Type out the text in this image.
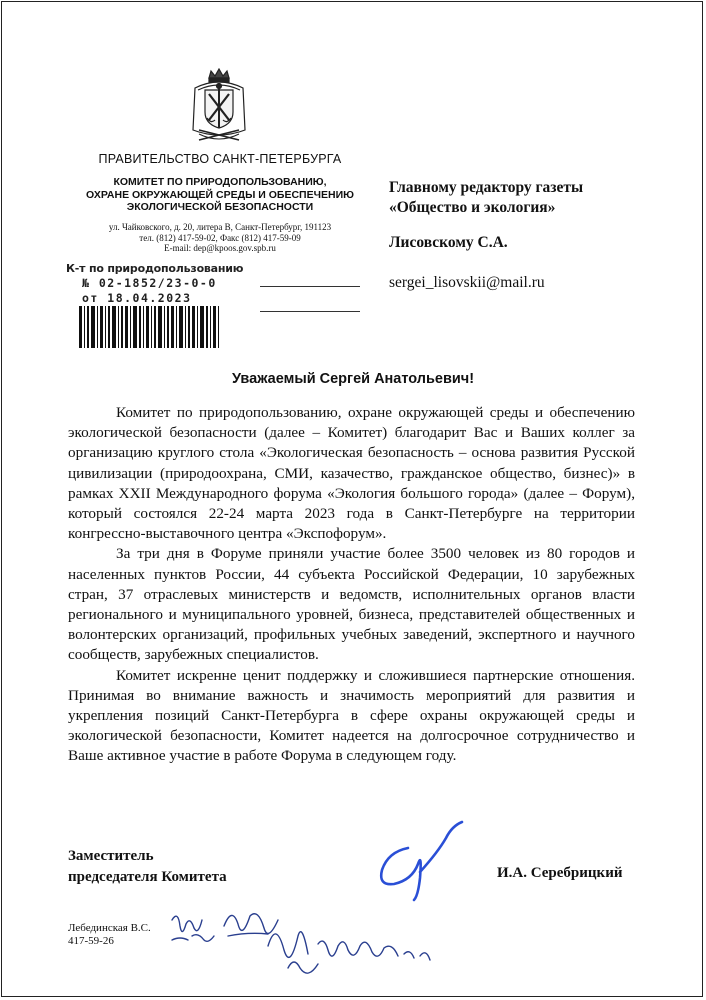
ПРАВИТЕЛЬСТВО САНКТ-ПЕТЕРБУРГА
КОМИТЕТ ПО ПРИРОДОПОЛЬЗОВАНИЮ,
ОХРАНЕ ОКРУЖАЮЩЕЙ СРЕДЫ И ОБЕСПЕЧЕНИЮ
ЭКОЛОГИЧЕСКОЙ БЕЗОПАСНОСТИ
ул. Чайковского, д. 20, литера В, Санкт-Петербург, 191123
тел. (812) 417-59-02, Факс (812) 417-59-09
E-mail: dep@kpoos.gov.spb.ru
К-т по природопользованию
№ 02-1852/23-0-0
от 18.04.2023
Главному редактору газеты
«Общество и экология»
Лисовскому С.А.
sergei_lisovskii@mail.ru
Уважаемый Сергей Анатольевич!

Комитет по природопользованию, охране окружающей среды и обеспечению экологической безопасности (далее – Комитет) благодарит Вас и Ваших коллег за организацию круглого стола «Экологическая безопасность – основа развития Русской цивилизации (природоохрана, СМИ, казачество, гражданское общество, бизнес)» в рамках XXII Международного форума «Экология большого города» (далее – Форум), который состоялся 22-24 марта 2023 года в Санкт-Петербурге на территории конгрессно-выставочного центра «Экспофорум».

За три дня в Форуме приняли участие более 3500 человек из 80 городов и населенных пунктов России, 44 субъекта Российской Федерации, 10 зарубежных стран, 37 отраслевых министерств и ведомств, исполнительных органов власти регионального и муниципального уровней, бизнеса, представителей общественных и волонтерских организаций, профильных учебных заведений, экспертного и научного сообществ, зарубежных специалистов.

Комитет искренне ценит поддержку и сложившиеся партнерские отношения. Принимая во внимание важность и значимость мероприятий для развития и укрепления позиций Санкт-Петербурга в сфере охраны окружающей среды и экологической безопасности, Комитет надеется на долгосрочное сотрудничество и Ваше активное участие в работе Форума в следующем году.

Заместитель
председателя Комитета	И.А. Серебрицкий
Лебединская В.С.
417-59-26
